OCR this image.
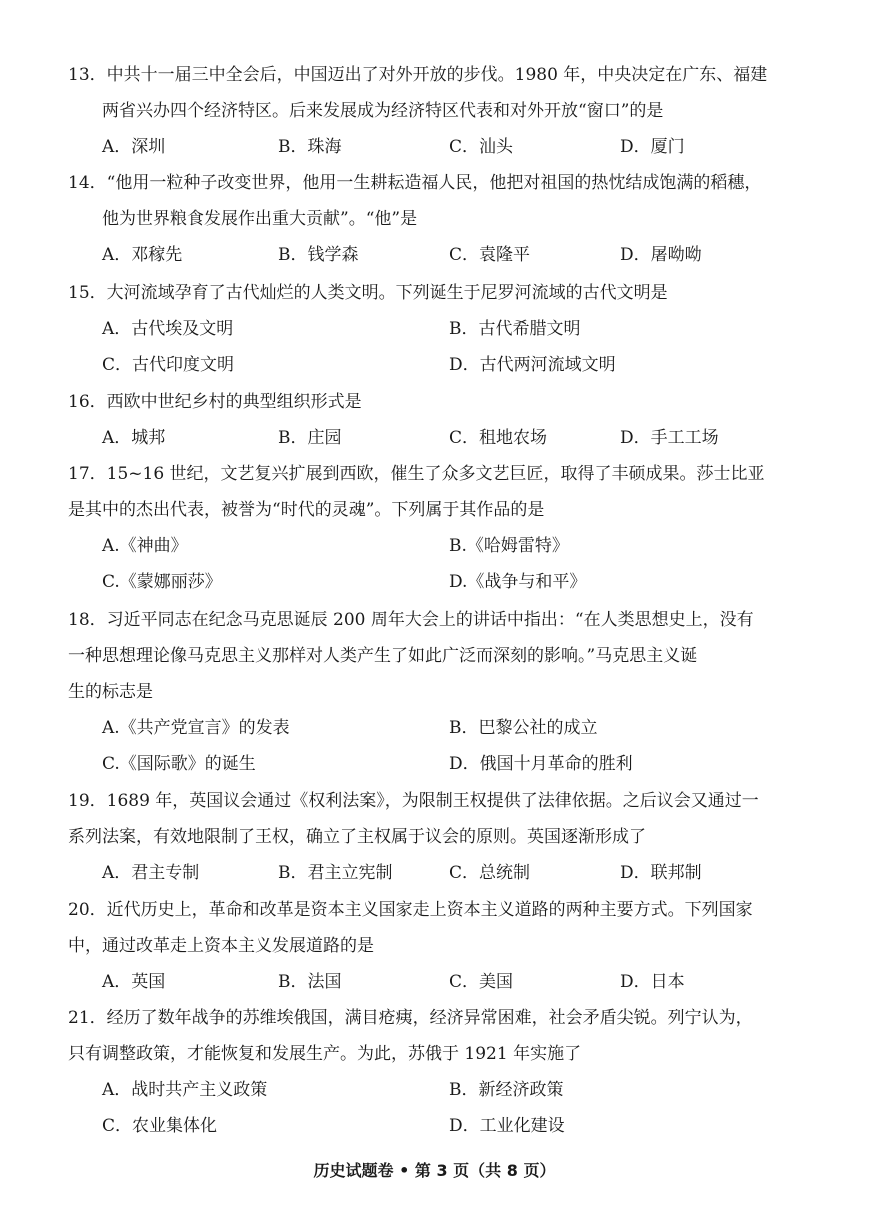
13．中共十一届三中全会后，中国迈出了对外开放的步伐。1980 年，中央决定在广东、福建
两省兴办四个经济特区。后来发展成为经济特区代表和对外开放“窗口”的是
A．深圳	B．珠海	C．汕头	D．厦门
14．“他用一粒种子改变世界，他用一生耕耘造福人民，他把对祖国的热忱结成饱满的稻穗，
他为世界粮食发展作出重大贡献”。“他”是
A．邓稼先	B．钱学森	C．袁隆平	D．屠呦呦
15．大河流域孕育了古代灿烂的人类文明。下列诞生于尼罗河流域的古代文明是
A．古代埃及文明	B．古代希腊文明
C．古代印度文明	D．古代两河流域文明
16．西欧中世纪乡村的典型组织形式是
A．城邦	B．庄园	C．租地农场	D．手工工场
17．15~16 世纪，文艺复兴扩展到西欧，催生了众多文艺巨匠，取得了丰硕成果。莎士比亚
是其中的杰出代表，被誉为“时代的灵魂”。下列属于其作品的是
A.《神曲》	B.《哈姆雷特》
C.《蒙娜丽莎》	D.《战争与和平》
18．习近平同志在纪念马克思诞辰 200 周年大会上的讲话中指出：“在人类思想史上，没有
一种思想理论像马克思主义那样对人类产生了如此广泛而深刻的影响。”马克思主义诞
生的标志是
A.《共产党宣言》的发表	B．巴黎公社的成立
C.《国际歌》的诞生	D．俄国十月革命的胜利
19．1689 年，英国议会通过《权利法案》，为限制王权提供了法律依据。之后议会又通过一
系列法案，有效地限制了王权，确立了主权属于议会的原则。英国逐渐形成了
A．君主专制	B．君主立宪制	C．总统制	D．联邦制
20．近代历史上，革命和改革是资本主义国家走上资本主义道路的两种主要方式。下列国家
中，通过改革走上资本主义发展道路的是
A．英国	B．法国	C．美国	D．日本
21．经历了数年战争的苏维埃俄国，满目疮痍，经济异常困难，社会矛盾尖锐。列宁认为，
只有调整政策，才能恢复和发展生产。为此，苏俄于 1921 年实施了
A．战时共产主义政策	B．新经济政策
C．农业集体化	D．工业化建设
历史试题卷 • 第 3 页（共 8 页）
